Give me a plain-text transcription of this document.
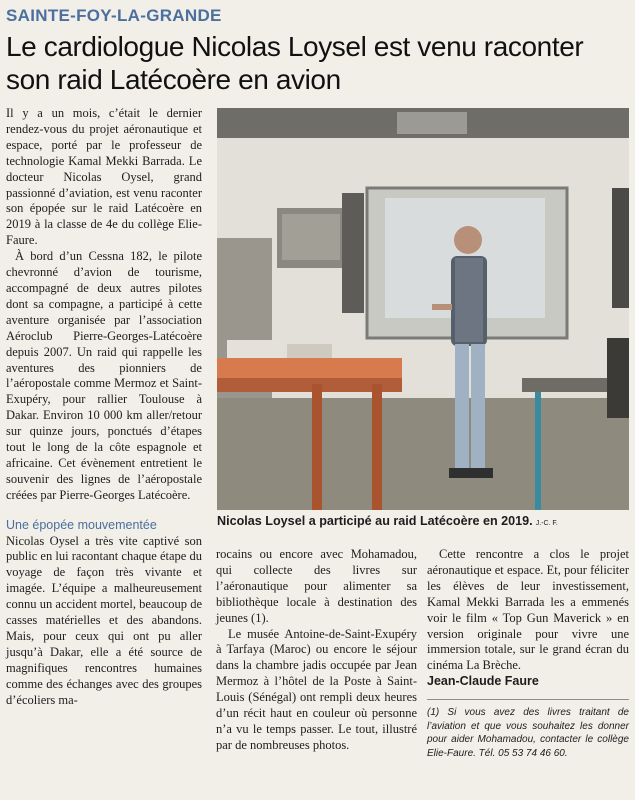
SAINTE-FOY-LA-GRANDE
Le cardiologue Nicolas Loysel est venu raconter son raid Latécoère en avion

Il y a un mois, c’était le dernier rendez-vous du projet aéronautique et espace, porté par le professeur de technologie Kamal Mekki Barrada. Le docteur Nicolas Oysel, grand passionné d’aviation, est venu raconter son épopée sur le raid Latécoère en 2019 à la classe de 4e du collège Elie-Faure.

À bord d’un Cessna 182, le pilote chevronné d’avion de tourisme, accompagné de deux autres pilotes dont sa compagne, a participé à cette aventure organisée par l’association Aéroclub Pierre-Georges-Latécoère depuis 2007. Un raid qui rappelle les aventures des pionniers de l’aéropostale comme Mermoz et Saint-Exupéry, pour rallier Toulouse à Dakar. Environ 10 000 km aller/retour sur quinze jours, ponctués d’étapes tout le long de la côte espagnole et africaine. Cet évènement entretient le souvenir des lignes de l’aéropostale créées par Pierre-Georges Latécoère.

Une épopée mouvementée

Nicolas Oysel a très vite captivé son public en lui racontant chaque étape du voyage de façon très vivante et imagée. L’équipe a malheureusement connu un accident mortel, beaucoup de casses matérielles et des abandons. Mais, pour ceux qui ont pu aller jusqu’à Dakar, elle a été source de magnifiques rencontres humaines comme des échanges avec des groupes d’écoliers ma-

Nicolas Loysel a participé au raid Latécoère en 2019. J.-C. F.

rocains ou encore avec Mohamadou, qui collecte des livres sur l’aéronautique pour alimenter sa bibliothèque locale à destination des jeunes (1).

Le musée Antoine-de-Saint-Exupéry à Tarfaya (Maroc) ou encore le séjour dans la chambre jadis occupée par Jean Mermoz à l’hôtel de la Poste à Saint-Louis (Sénégal) ont rempli deux heures d’un récit haut en couleur où personne n’a vu le temps passer. Le tout, illustré par de nombreuses photos.

Cette rencontre a clos le projet aéronautique et espace. Et, pour féliciter les élèves de leur investissement, Kamal Mekki Barrada les a emmenés voir le film « Top Gun Maverick » en version originale pour vivre une immersion totale, sur le grand écran du cinéma La Brèche.

Jean-Claude Faure
(1) Si vous avez des livres traitant de l’aviation et que vous souhaitez les donner pour aider Mohamadou, contacter le collège Elie-Faure. Tél. 05 53 74 46 60.
